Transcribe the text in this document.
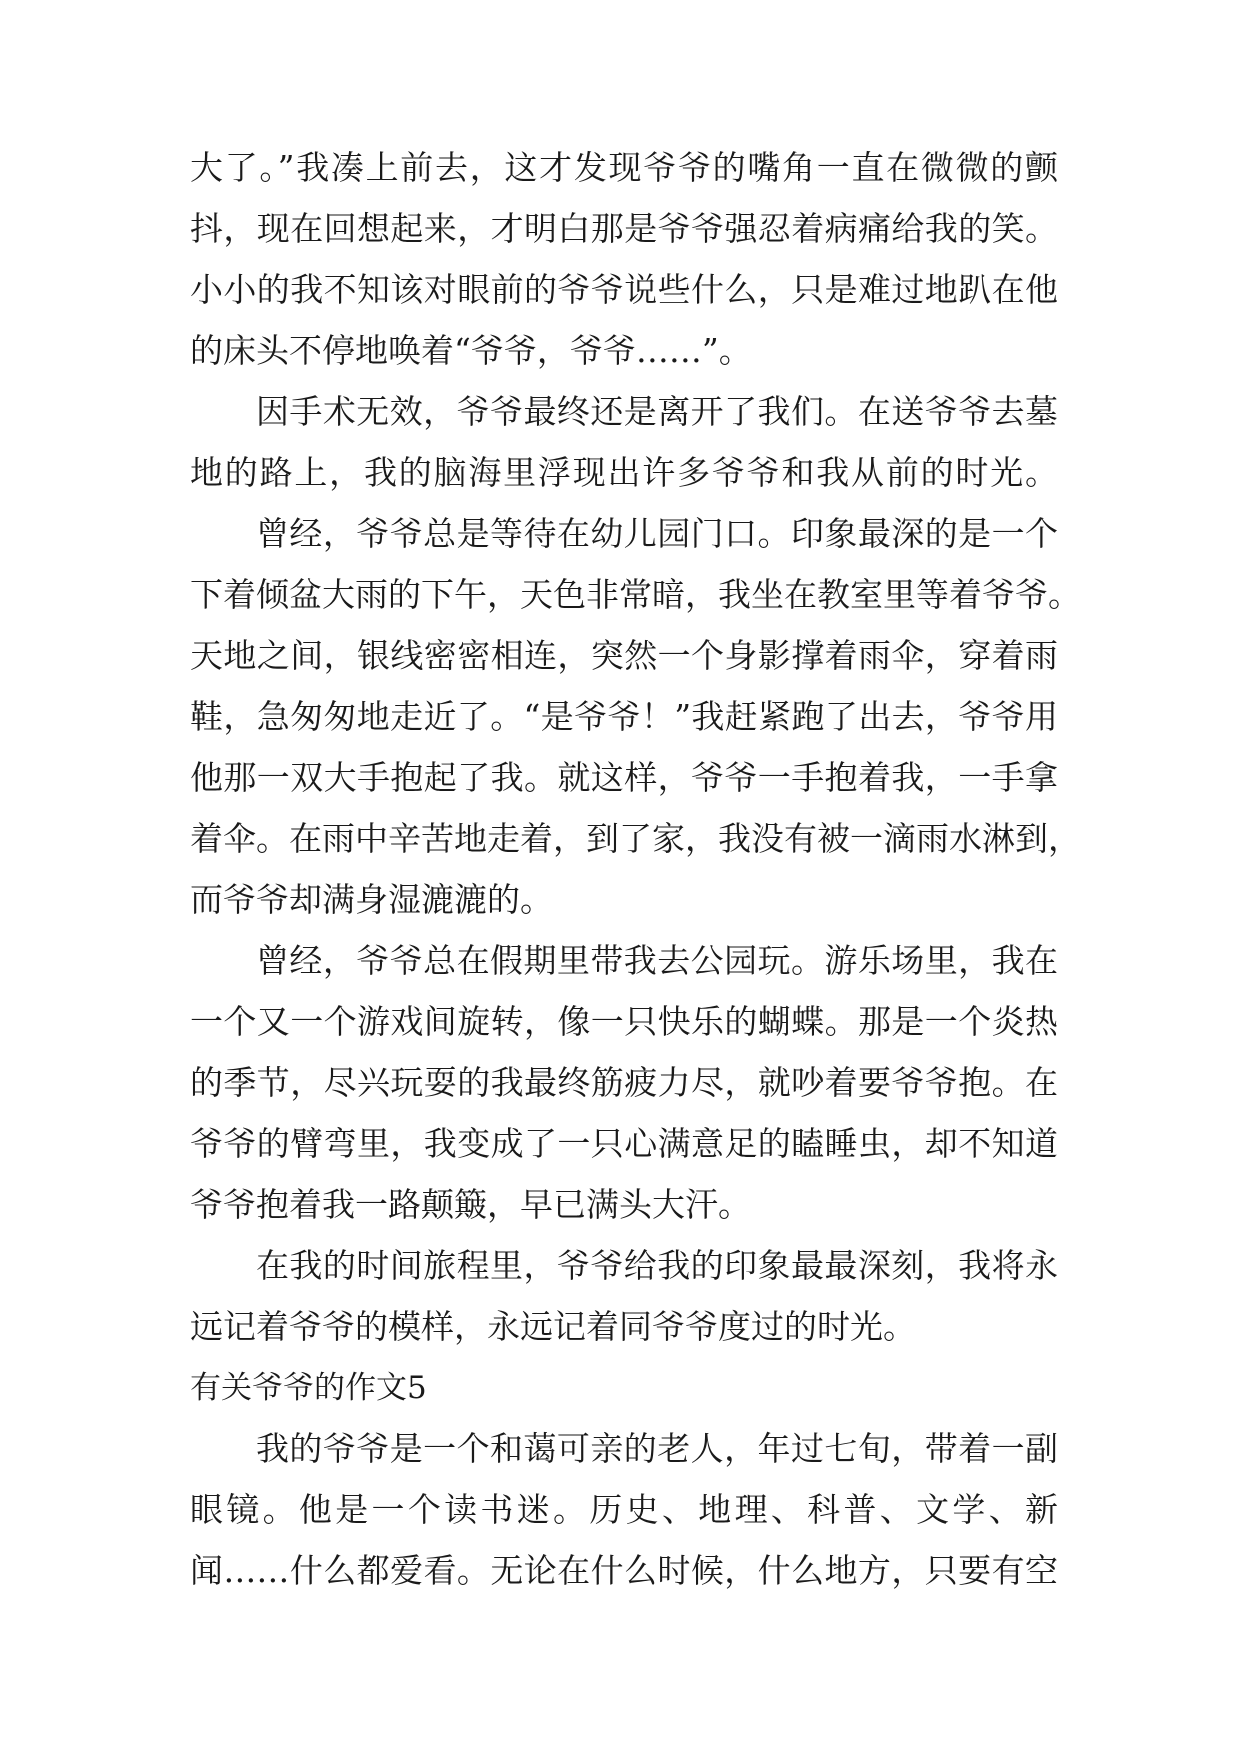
大了。”我凑上前去，这才发现爷爷的嘴角一直在微微的颤
抖，现在回想起来，才明白那是爷爷强忍着病痛给我的笑。
小小的我不知该对眼前的爷爷说些什么，只是难过地趴在他
的床头不停地唤着“爷爷，爷爷……”。
因手术无效，爷爷最终还是离开了我们。在送爷爷去墓
地的路上，我的脑海里浮现出许多爷爷和我从前的时光。
曾经，爷爷总是等待在幼儿园门口。印象最深的是一个
下着倾盆大雨的下午，天色非常暗，我坐在教室里等着爷爷。
天地之间，银线密密相连，突然一个身影撑着雨伞，穿着雨
鞋，急匆匆地走近了。“是爷爷！”我赶紧跑了出去，爷爷用
他那一双大手抱起了我。就这样，爷爷一手抱着我，一手拿
着伞。在雨中辛苦地走着，到了家，我没有被一滴雨水淋到，
而爷爷却满身湿漉漉的。
曾经，爷爷总在假期里带我去公园玩。游乐场里，我在
一个又一个游戏间旋转，像一只快乐的蝴蝶。那是一个炎热
的季节，尽兴玩耍的我最终筋疲力尽，就吵着要爷爷抱。在
爷爷的臂弯里，我变成了一只心满意足的瞌睡虫，却不知道
爷爷抱着我一路颠簸，早已满头大汗。
在我的时间旅程里，爷爷给我的印象最最深刻，我将永
远记着爷爷的模样，永远记着同爷爷度过的时光。
有关爷爷的作文5
我的爷爷是一个和蔼可亲的老人，年过七旬，带着一副
眼镜。他是一个读书迷。历史、地理、科普、文学、新
闻……什么都爱看。无论在什么时候，什么地方，只要有空
